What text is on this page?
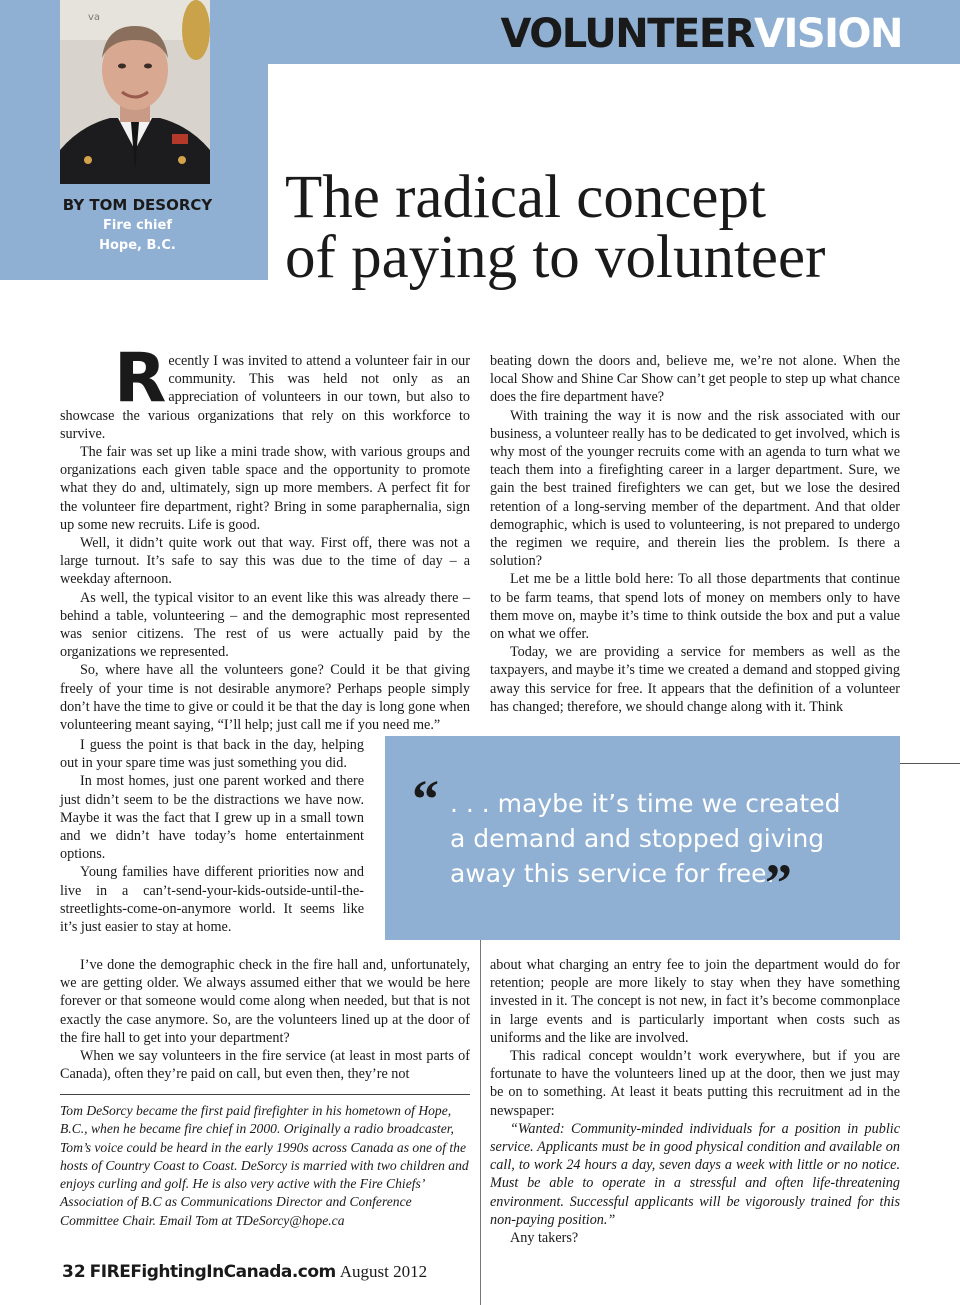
VOLUNTEERVISION
va
BY TOM DESORCY
Fire chief
Hope, B.C.
The radical concept
of paying to volunteer

Recently I was invited to attend a volunteer fair in our community. This was held not only as an appreciation of volunteers in our town, but also to showcase the various organizations that rely on this workforce to survive.

The fair was set up like a mini trade show, with various groups and organizations each given table space and the opportunity to promote what they do and, ultimately, sign up more members. A perfect fit for the volunteer fire department, right? Bring in some paraphernalia, sign up some new recruits. Life is good.

Well, it didn’t quite work out that way. First off, there was not a large turnout. It’s safe to say this was due to the time of day – a weekday afternoon.

As well, the typical visitor to an event like this was already there – behind a table, volunteering – and the demographic most represented was senior citizens. The rest of us were actually paid by the organizations we represented.

So, where have all the volunteers gone? Could it be that giving freely of your time is not desirable anymore? Perhaps people simply don’t have the time to give or could it be that the day is long gone when volunteering meant saying, “I’ll help; just call me if you need me.”

I guess the point is that back in the day, helping out in your spare time was just something you did.

In most homes, just one parent worked and there just didn’t seem to be the distractions we have now. Maybe it was the fact that I grew up in a small town and we didn’t have today’s home entertainment options.

Young families have different priorities now and live in a can’t-send-your-kids-outside-until-the-streetlights-come-on-anymore world. It seems like it’s just easier to stay at home.

I’ve done the demographic check in the fire hall and, unfortunately, we are getting older. We always assumed either that we would be here forever or that someone would come along when needed, but that is not exactly the case anymore. So, are the volunteers lined up at the door of the fire hall to get into your department?

When we say volunteers in the fire service (at least in most parts of Canada), often they’re paid on call, but even then, they’re not

beating down the doors and, believe me, we’re not alone. When the local Show and Shine Car Show can’t get people to step up what chance does the fire department have?

With training the way it is now and the risk associated with our business, a volunteer really has to be dedicated to get involved, which is why most of the younger recruits come with an agenda to turn what we teach them into a firefighting career in a larger department. Sure, we gain the best trained firefighters we can get, but we lose the desired retention of a long-serving member of the department. And that older demographic, which is used to volunteering, is not prepared to undergo the regimen we require, and therein lies the problem. Is there a solution?

Let me be a little bold here: To all those departments that continue to be farm teams, that spend lots of money on members only to have them move on, maybe it’s time to think outside the box and put a value on what we offer.

Today, we are providing a service for members as well as the taxpayers, and maybe it’s time we created a demand and stopped giving away this service for free. It appears that the definition of a volunteer has changed; therefore, we should change along with it. Think

“ . . . maybe it’s time we created
a demand and stopped giving
away this service for free.
”

about what charging an entry fee to join the department would do for retention; people are more likely to stay when they have something invested in it. The concept is not new, in fact it’s become commonplace in large events and is particularly important when costs such as uniforms and the like are involved.

This radical concept wouldn’t work everywhere, but if you are fortunate to have the volunteers lined up at the door, then we just may be on to something. At least it beats putting this recruitment ad in the newspaper:

“Wanted: Community-minded individuals for a position in public service. Applicants must be in good physical condition and available on call, to work 24 hours a day, seven days a week with little or no notice. Must be able to operate in a stressful and often life-threatening environment. Successful applicants will be vigorously trained for this non-paying position.”

Any takers?

Tom DeSorcy became the first paid firefighter in his hometown of Hope, B.C., when he became fire chief in 2000. Originally a radio broadcaster, Tom’s voice could be heard in the early 1990s across Canada as one of the hosts of Country Coast to Coast. DeSorcy is married with two children and enjoys curling and golf. He is also very active with the Fire Chiefs’ Association of B.C as Communications Director and Conference Committee Chair. Email Tom at TDeSorcy@hope.ca
32 FIREFightingInCanada.com August 2012
